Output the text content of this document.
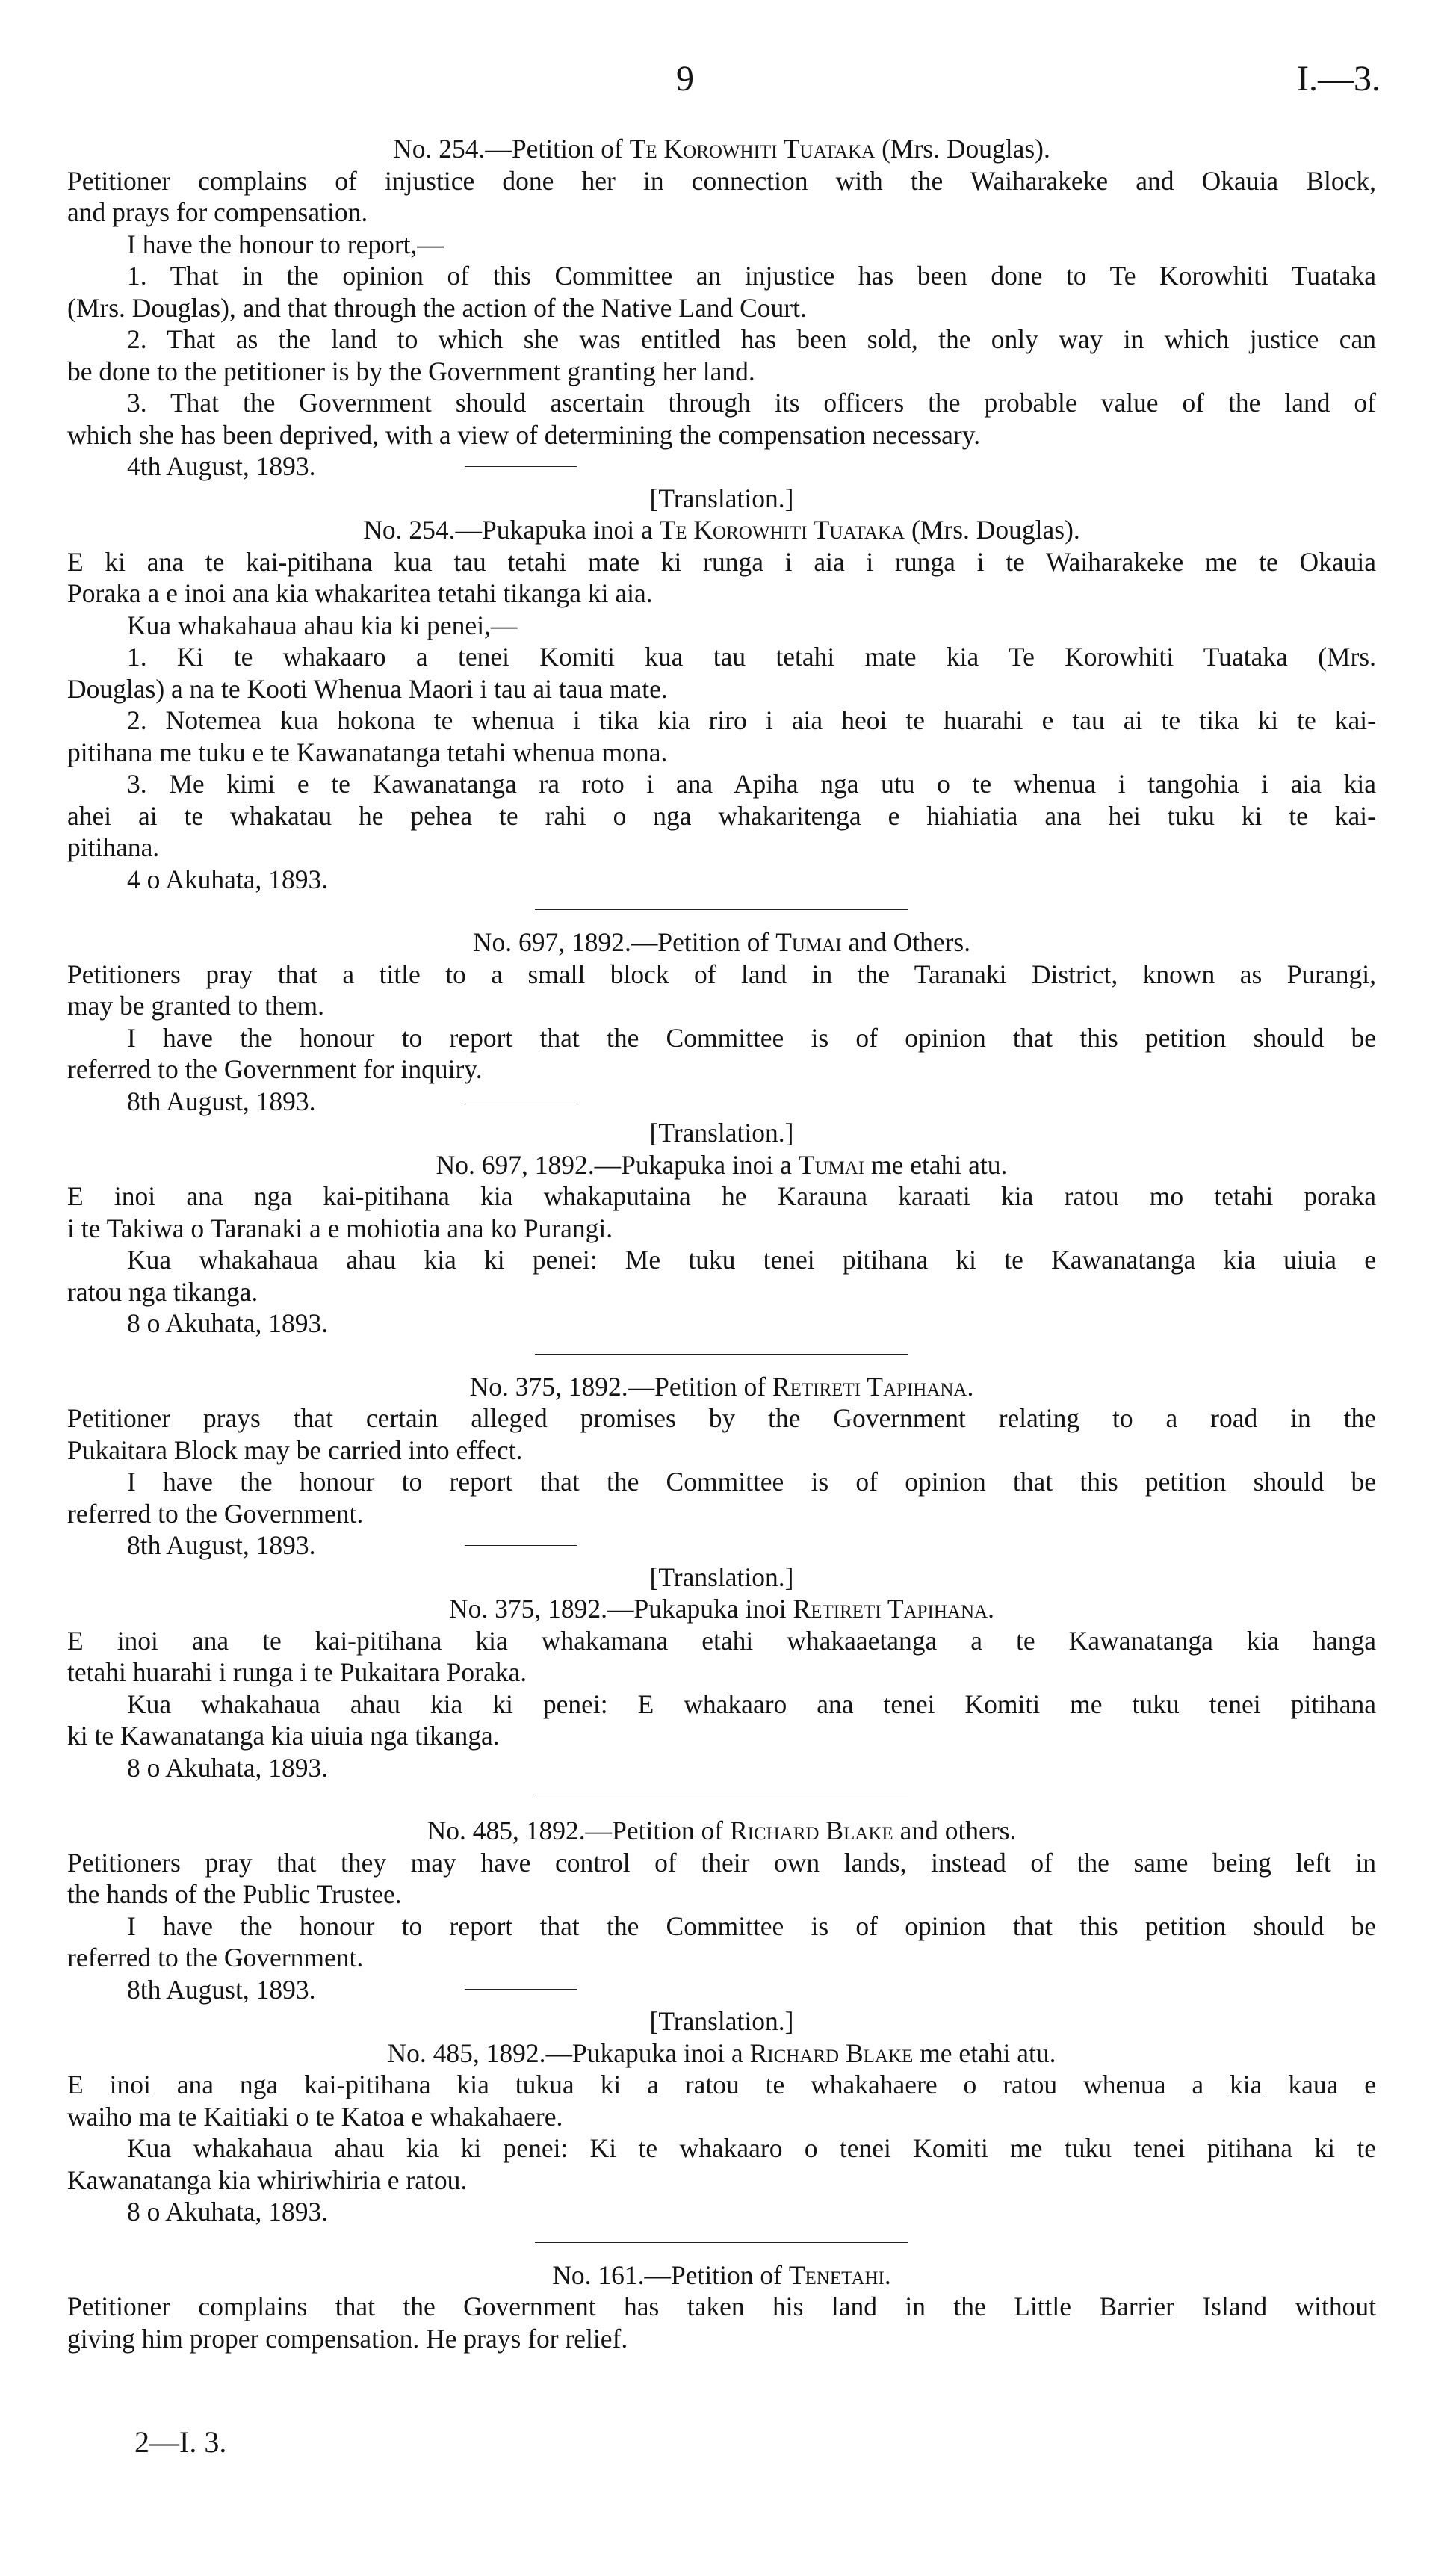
9	I.—3.
No. 254.—Petition of Te Korowhiti Tuataka (Mrs. Douglas).
Petitioner complains of injustice done her in connection with the Waiharakeke and Okauia Block,
and prays for compensation.
I have the honour to report,—
1. That in the opinion of this Committee an injustice has been done to Te Korowhiti Tuataka
(Mrs. Douglas), and that through the action of the Native Land Court.
2. That as the land to which she was entitled has been sold, the only way in which justice can
be done to the petitioner is by the Government granting her land.
3. That the Government should ascertain through its officers the probable value of the land of
which she has been deprived, with a view of determining the compensation necessary.
4th August, 1893.
[Translation.]
No. 254.—Pukapuka inoi a Te Korowhiti Tuataka (Mrs. Douglas).
E ki ana te kai-pitihana kua tau tetahi mate ki runga i aia i runga i te Waiharakeke me te Okauia
Poraka a e inoi ana kia whakaritea tetahi tikanga ki aia.
Kua whakahaua ahau kia ki penei,—
1. Ki te whakaaro a tenei Komiti kua tau tetahi mate kia Te Korowhiti Tuataka (Mrs.
Douglas) a na te Kooti Whenua Maori i tau ai taua mate.
2. Notemea kua hokona te whenua i tika kia riro i aia heoi te huarahi e tau ai te tika ki te kai-
pitihana me tuku e te Kawanatanga tetahi whenua mona.
3. Me kimi e te Kawanatanga ra roto i ana Apiha nga utu o te whenua i tangohia i aia kia
ahei ai te whakatau he pehea te rahi o nga whakaritenga e hiahiatia ana hei tuku ki te kai-
pitihana.
4 o Akuhata, 1893.
No. 697, 1892.—Petition of Tumai and Others.
Petitioners pray that a title to a small block of land in the Taranaki District, known as Purangi,
may be granted to them.
I have the honour to report that the Committee is of opinion that this petition should be
referred to the Government for inquiry.
8th August, 1893.
[Translation.]
No. 697, 1892.—Pukapuka inoi a Tumai me etahi atu.
E inoi ana nga kai-pitihana kia whakaputaina he Karauna karaati kia ratou mo tetahi poraka
i te Takiwa o Taranaki a e mohiotia ana ko Purangi.
Kua whakahaua ahau kia ki penei: Me tuku tenei pitihana ki te Kawanatanga kia uiuia e
ratou nga tikanga.
8 o Akuhata, 1893.
No. 375, 1892.—Petition of Retireti Tapihana.
Petitioner prays that certain alleged promises by the Government relating to a road in the
Pukaitara Block may be carried into effect.
I have the honour to report that the Committee is of opinion that this petition should be
referred to the Government.
8th August, 1893.
[Translation.]
No. 375, 1892.—Pukapuka inoi Retireti Tapihana.
E inoi ana te kai-pitihana kia whakamana etahi whakaaetanga a te Kawanatanga kia hanga
tetahi huarahi i runga i te Pukaitara Poraka.
Kua whakahaua ahau kia ki penei: E whakaaro ana tenei Komiti me tuku tenei pitihana
ki te Kawanatanga kia uiuia nga tikanga.
8 o Akuhata, 1893.
No. 485, 1892.—Petition of Richard Blake and others.
Petitioners pray that they may have control of their own lands, instead of the same being left in
the hands of the Public Trustee.
I have the honour to report that the Committee is of opinion that this petition should be
referred to the Government.
8th August, 1893.
[Translation.]
No. 485, 1892.—Pukapuka inoi a Richard Blake me etahi atu.
E inoi ana nga kai-pitihana kia tukua ki a ratou te whakahaere o ratou whenua a kia kaua e
waiho ma te Kaitiaki o te Katoa e whakahaere.
Kua whakahaua ahau kia ki penei: Ki te whakaaro o tenei Komiti me tuku tenei pitihana ki te
Kawanatanga kia whiriwhiria e ratou.
8 o Akuhata, 1893.
No. 161.—Petition of Tenetahi.
Petitioner complains that the Government has taken his land in the Little Barrier Island without
giving him proper compensation. He prays for relief.
2—I. 3.
